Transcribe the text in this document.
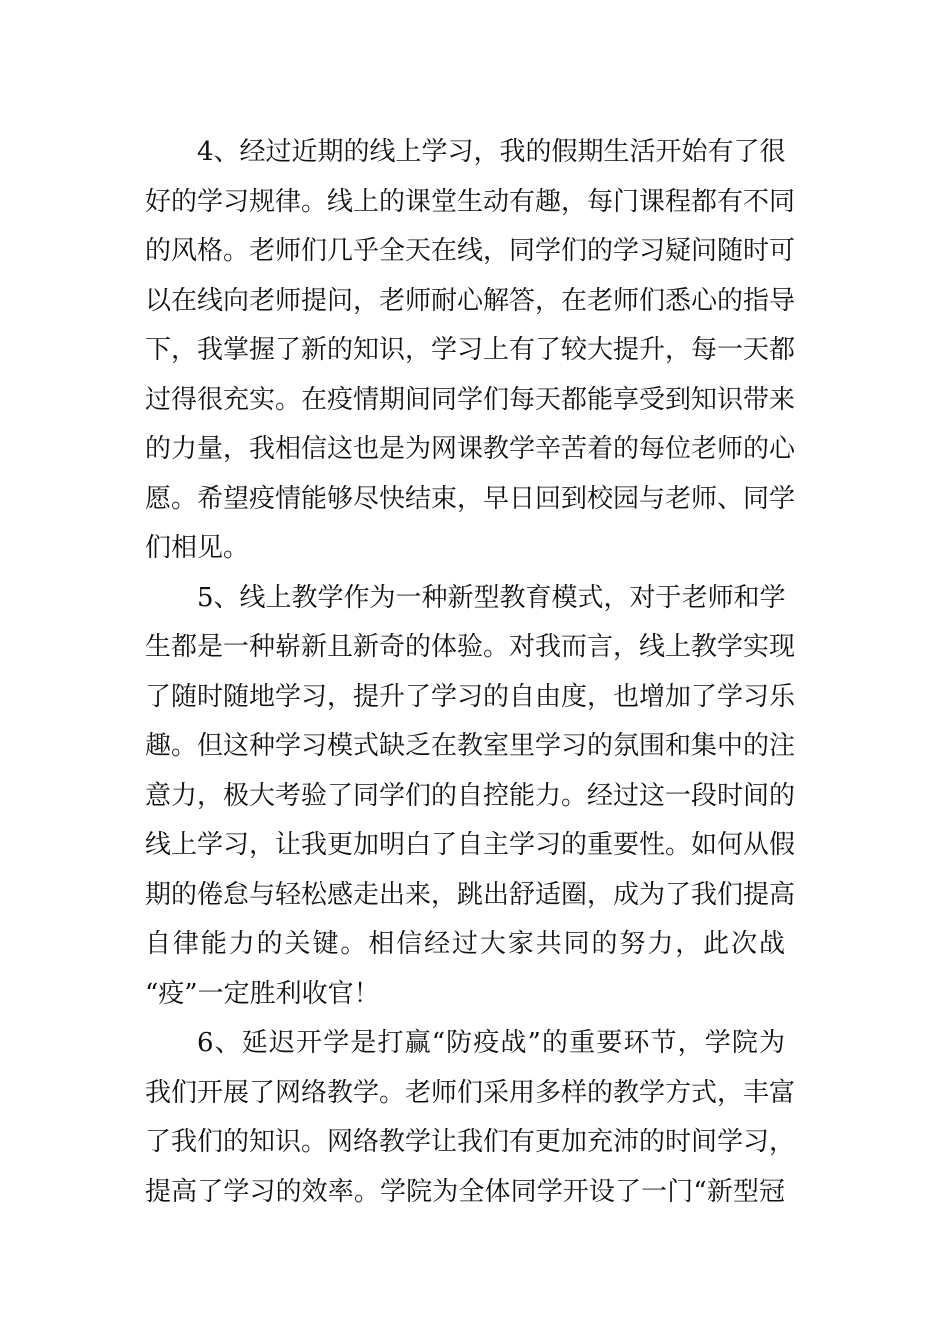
4、经过近期的线上学习，我的假期生活开始有了很
好的学习规律。线上的课堂生动有趣，每门课程都有不同
的风格。老师们几乎全天在线，同学们的学习疑问随时可
以在线向老师提问，老师耐心解答，在老师们悉心的指导
下，我掌握了新的知识，学习上有了较大提升，每一天都
过得很充实。在疫情期间同学们每天都能享受到知识带来
的力量，我相信这也是为网课教学辛苦着的每位老师的心
愿。希望疫情能够尽快结束，早日回到校园与老师、同学
们相见。
5、线上教学作为一种新型教育模式，对于老师和学
生都是一种崭新且新奇的体验。对我而言，线上教学实现
了随时随地学习，提升了学习的自由度，也增加了学习乐
趣。但这种学习模式缺乏在教室里学习的氛围和集中的注
意力，极大考验了同学们的自控能力。经过这一段时间的
线上学习，让我更加明白了自主学习的重要性。如何从假
期的倦怠与轻松感走出来，跳出舒适圈，成为了我们提高
自律能力的关键。相信经过大家共同的努力，此次战
“疫”一定胜利收官！
6、延迟开学是打赢“防疫战”的重要环节，学院为
我们开展了网络教学。老师们采用多样的教学方式，丰富
了我们的知识。网络教学让我们有更加充沛的时间学习，
提高了学习的效率。学院为全体同学开设了一门“新型冠
